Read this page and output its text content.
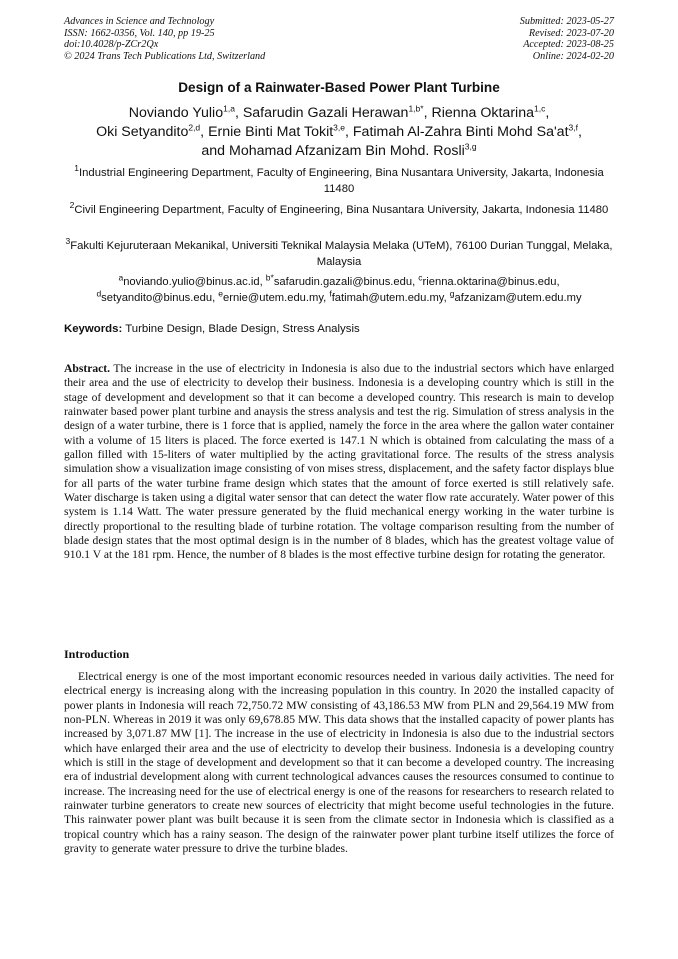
Advances in Science and Technology
ISSN: 1662-0356, Vol. 140, pp 19-25
doi:10.4028/p-ZCr2Qx
© 2024 Trans Tech Publications Ltd, Switzerland
Submitted: 2023-05-27
Revised: 2023-07-20
Accepted: 2023-08-25
Online: 2024-02-20
Design of a Rainwater-Based Power Plant Turbine
Noviando Yulio$^{1,a}$, Safarudin Gazali Herawan$^{1,b*}$, Rienna Oktarina$^{1,c}$,
Oki Setyandito$^{2,d}$, Ernie Binti Mat Tokit$^{3,e}$, Fatimah Al-Zahra Binti Mohd Sa'at$^{3,f}$,
and Mohamad Afzanizam Bin Mohd. Rosli$^{3,g}$
$^1$Industrial Engineering Department, Faculty of Engineering, Bina Nusantara University, Jakarta, Indonesia 11480
$^2$Civil Engineering Department, Faculty of Engineering, Bina Nusantara University, Jakarta, Indonesia 11480
$^3$Fakulti Kejuruteraan Mekanikal, Universiti Teknikal Malaysia Melaka (UTeM), 76100 Durian Tunggal, Melaka, Malaysia
$^a$noviando.yulio@binus.ac.id, $^{b*}$safarudin.gazali@binus.edu, $^c$rienna.oktarina@binus.edu,
$^d$setyandito@binus.edu, $^e$ernie@utem.edu.my, $^f$fatimah@utem.edu.my, $^g$afzanizam@utem.edu.my
Keywords: Turbine Design, Blade Design, Stress Analysis

Abstract. The increase in the use of electricity in Indonesia is also due to the industrial sectors which have enlarged their area and the use of electricity to develop their business. Indonesia is a developing country which is still in the stage of development and development so that it can become a developed country. This research is main to develop rainwater based power plant turbine and anaysis the stress analysis and test the rig. Simulation of stress analysis in the design of a water turbine, there is 1 force that is applied, namely the force in the area where the gallon water container with a volume of 15 liters is placed. The force exerted is 147.1 N which is obtained from calculating the mass of a gallon filled with 15-liters of water multiplied by the acting gravitational force. The results of the stress analysis simulation show a visualization image consisting of von mises stress, displacement, and the safety factor displays blue for all parts of the water turbine frame design which states that the amount of force exerted is still relatively safe. Water discharge is taken using a digital water sensor that can detect the water flow rate accurately. Water power of this system is 1.14 Watt. The water pressure generated by the fluid mechanical energy working in the water turbine is directly proportional to the resulting blade of turbine rotation. The voltage comparison resulting from the number of blade design states that the most optimal design is in the number of 8 blades, which has the greatest voltage value of 910.1 V at the 181 rpm. Hence, the number of 8 blades is the most effective turbine design for rotating the generator.

Introduction

Electrical energy is one of the most important economic resources needed in various daily activities. The need for electrical energy is increasing along with the increasing population in this country. In 2020 the installed capacity of power plants in Indonesia will reach 72,750.72 MW consisting of 43,186.53 MW from PLN and 29,564.19 MW from non-PLN. Whereas in 2019 it was only 69,678.85 MW. This data shows that the installed capacity of power plants has increased by 3,071.87 MW [1]. The increase in the use of electricity in Indonesia is also due to the industrial sectors which have enlarged their area and the use of electricity to develop their business. Indonesia is a developing country which is still in the stage of development and development so that it can become a developed country. The increasing era of industrial development along with current technological advances causes the resources consumed to continue to increase. The increasing need for the use of electrical energy is one of the reasons for researchers to research related to rainwater turbine generators to create new sources of electricity that might become useful technologies in the future. This rainwater power plant was built because it is seen from the climate sector in Indonesia which is classified as a tropical country which has a rainy season. The design of the rainwater power plant turbine itself utilizes the force of gravity to generate water pressure to drive the turbine blades.
